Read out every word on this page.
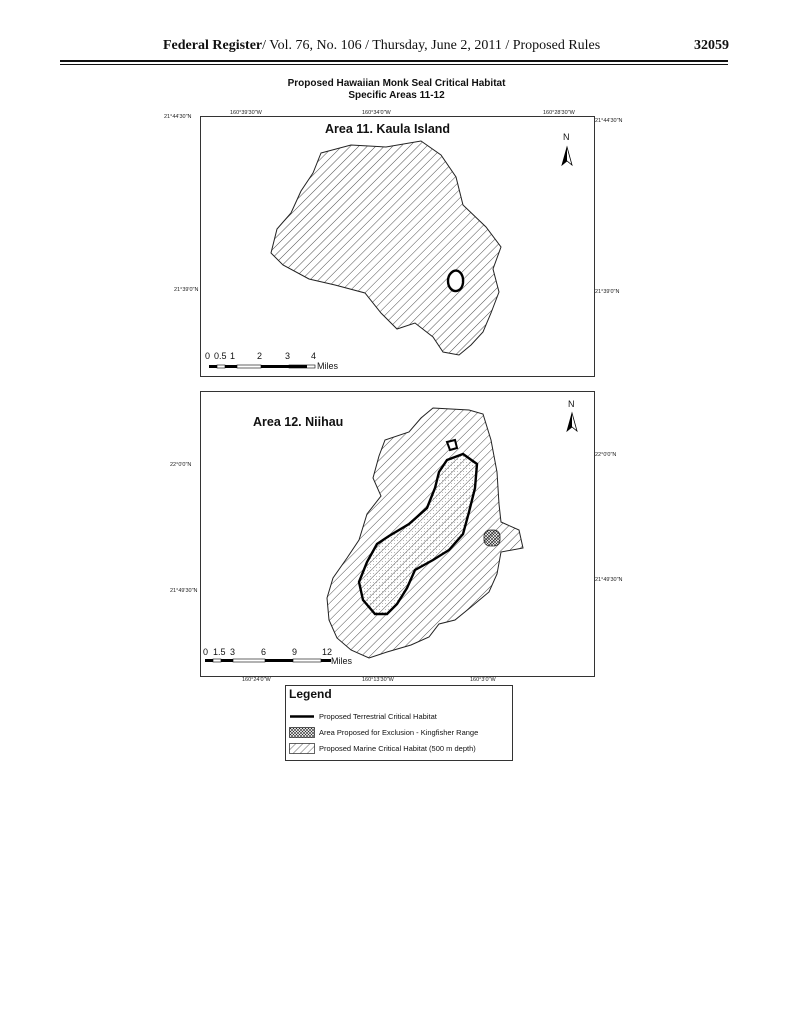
Federal Register/ Vol. 76, No. 106 / Thursday, June 2, 2011 / Proposed Rules	32059
Proposed Hawaiian Monk Seal Critical Habitat
Specific Areas 11-12
160°39'30"W	160°34'0"W	160°28'30"W
21°44'30"N
21°39'0"N
21°44'30"N
21°39'0"N
Area 11. Kaula Island
0 0.5 1 2	3 4
Miles
N
22°0'0"N
21°49'30"N
22°0'0"N
21°49'30"N
160°24'0"W	160°13'30"W	160°3'0"W
Area 12. Niihau
0 1.5 3	6	9	12
Miles
N
Legend
Proposed Terrestrial Critical Habitat
Area Proposed for Exclusion - Kingfisher Range
Proposed Marine Critical Habitat (500 m depth)
